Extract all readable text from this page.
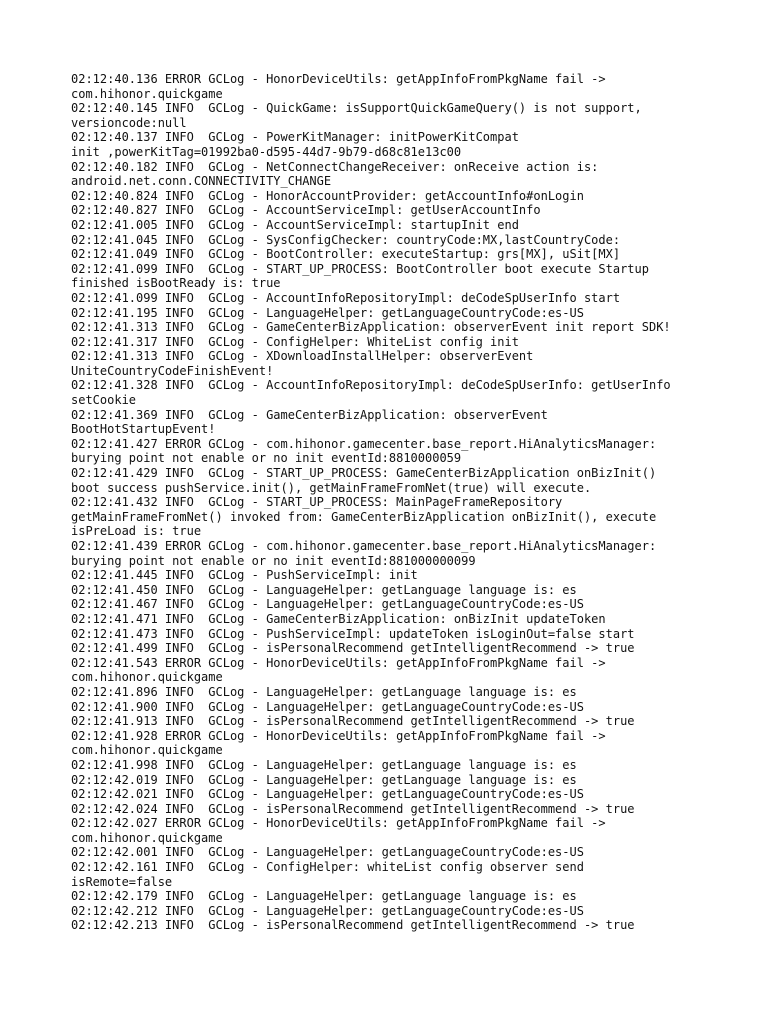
02:12:40.136 ERROR GCLog - HonorDeviceUtils: getAppInfoFromPkgName fail ->
com.hihonor.quickgame
02:12:40.145 INFO  GCLog - QuickGame: isSupportQuickGameQuery() is not support,
versioncode:null
02:12:40.137 INFO  GCLog - PowerKitManager: initPowerKitCompat
init ,powerKitTag=01992ba0-d595-44d7-9b79-d68c81e13c00
02:12:40.182 INFO  GCLog - NetConnectChangeReceiver: onReceive action is:
android.net.conn.CONNECTIVITY_CHANGE
02:12:40.824 INFO  GCLog - HonorAccountProvider: getAccountInfo#onLogin
02:12:40.827 INFO  GCLog - AccountServiceImpl: getUserAccountInfo
02:12:41.005 INFO  GCLog - AccountServiceImpl: startupInit end
02:12:41.045 INFO  GCLog - SysConfigChecker: countryCode:MX,lastCountryCode:
02:12:41.049 INFO  GCLog - BootController: executeStartup: grs[MX], uSit[MX]
02:12:41.099 INFO  GCLog - START_UP_PROCESS: BootController boot execute Startup
finished isBootReady is: true
02:12:41.099 INFO  GCLog - AccountInfoRepositoryImpl: deCodeSpUserInfo start
02:12:41.195 INFO  GCLog - LanguageHelper: getLanguageCountryCode:es-US
02:12:41.313 INFO  GCLog - GameCenterBizApplication: observerEvent init report SDK!
02:12:41.317 INFO  GCLog - ConfigHelper: WhiteList config init
02:12:41.313 INFO  GCLog - XDownloadInstallHelper: observerEvent
UniteCountryCodeFinishEvent!
02:12:41.328 INFO  GCLog - AccountInfoRepositoryImpl: deCodeSpUserInfo: getUserInfo
setCookie
02:12:41.369 INFO  GCLog - GameCenterBizApplication: observerEvent
BootHotStartupEvent!
02:12:41.427 ERROR GCLog - com.hihonor.gamecenter.base_report.HiAnalyticsManager:
burying point not enable or no init eventId:8810000059
02:12:41.429 INFO  GCLog - START_UP_PROCESS: GameCenterBizApplication onBizInit()
boot success pushService.init(), getMainFrameFromNet(true) will execute.
02:12:41.432 INFO  GCLog - START_UP_PROCESS: MainPageFrameRepository
getMainFrameFromNet() invoked from: GameCenterBizApplication onBizInit(), execute
isPreLoad is: true
02:12:41.439 ERROR GCLog - com.hihonor.gamecenter.base_report.HiAnalyticsManager:
burying point not enable or no init eventId:881000000099
02:12:41.445 INFO  GCLog - PushServiceImpl: init
02:12:41.450 INFO  GCLog - LanguageHelper: getLanguage language is: es
02:12:41.467 INFO  GCLog - LanguageHelper: getLanguageCountryCode:es-US
02:12:41.471 INFO  GCLog - GameCenterBizApplication: onBizInit updateToken
02:12:41.473 INFO  GCLog - PushServiceImpl: updateToken isLoginOut=false start
02:12:41.499 INFO  GCLog - isPersonalRecommend getIntelligentRecommend -> true
02:12:41.543 ERROR GCLog - HonorDeviceUtils: getAppInfoFromPkgName fail ->
com.hihonor.quickgame
02:12:41.896 INFO  GCLog - LanguageHelper: getLanguage language is: es
02:12:41.900 INFO  GCLog - LanguageHelper: getLanguageCountryCode:es-US
02:12:41.913 INFO  GCLog - isPersonalRecommend getIntelligentRecommend -> true
02:12:41.928 ERROR GCLog - HonorDeviceUtils: getAppInfoFromPkgName fail ->
com.hihonor.quickgame
02:12:41.998 INFO  GCLog - LanguageHelper: getLanguage language is: es
02:12:42.019 INFO  GCLog - LanguageHelper: getLanguage language is: es
02:12:42.021 INFO  GCLog - LanguageHelper: getLanguageCountryCode:es-US
02:12:42.024 INFO  GCLog - isPersonalRecommend getIntelligentRecommend -> true
02:12:42.027 ERROR GCLog - HonorDeviceUtils: getAppInfoFromPkgName fail ->
com.hihonor.quickgame
02:12:42.001 INFO  GCLog - LanguageHelper: getLanguageCountryCode:es-US
02:12:42.161 INFO  GCLog - ConfigHelper: whiteList config observer send
isRemote=false
02:12:42.179 INFO  GCLog - LanguageHelper: getLanguage language is: es
02:12:42.212 INFO  GCLog - LanguageHelper: getLanguageCountryCode:es-US
02:12:42.213 INFO  GCLog - isPersonalRecommend getIntelligentRecommend -> true
